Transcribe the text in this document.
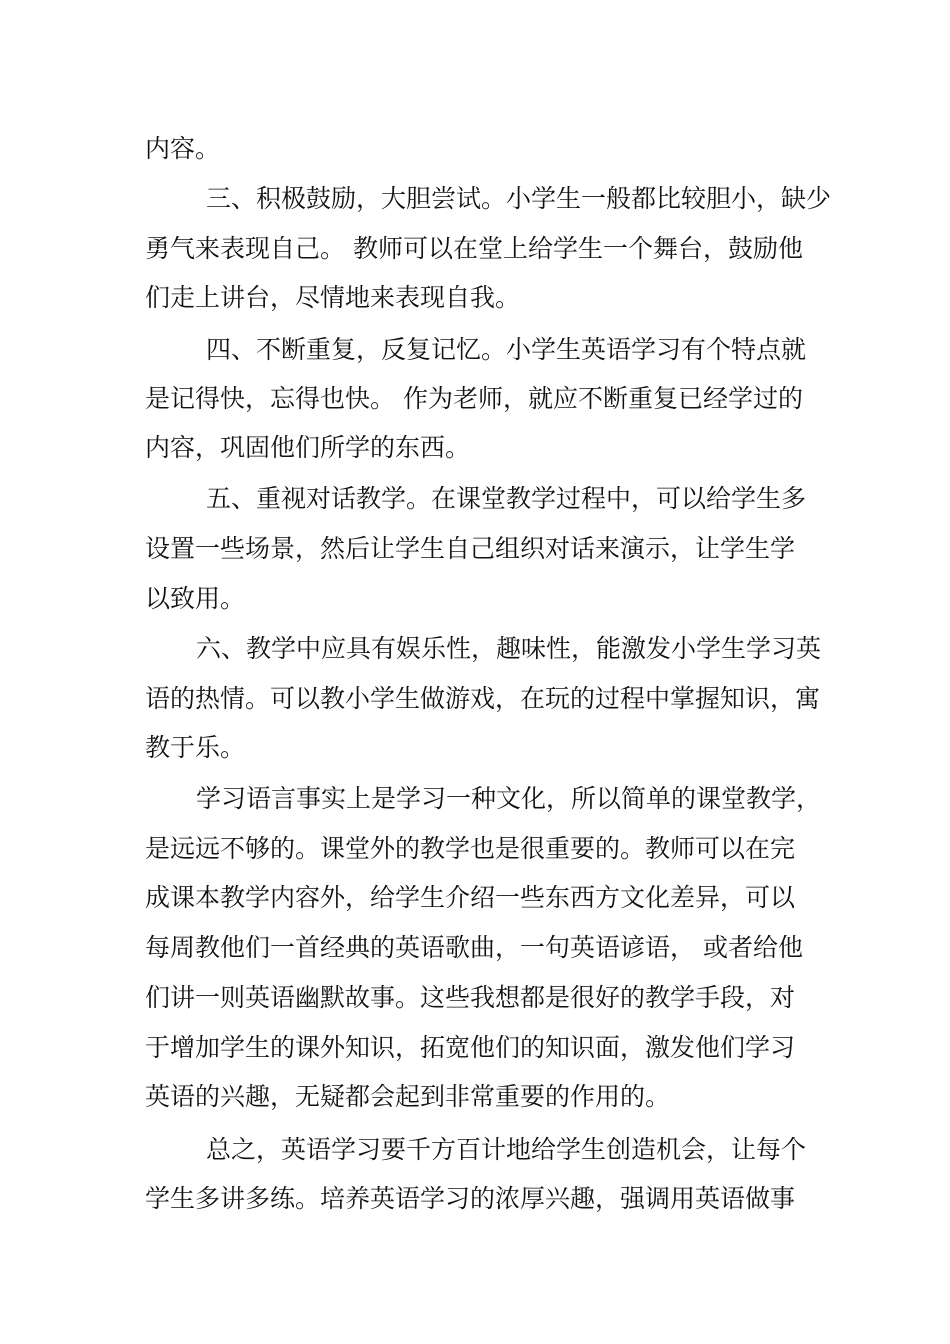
内容。
三、积极鼓励，大胆尝试。小学生一般都比较胆小，缺少
勇气来表现自己。 教师可以在堂上给学生一个舞台，鼓励他
们走上讲台，尽情地来表现自我。
四、不断重复，反复记忆。小学生英语学习有个特点就
是记得快，忘得也快。 作为老师，就应不断重复已经学过的
内容，巩固他们所学的东西。
五、重视对话教学。在课堂教学过程中，可以给学生多
设置一些场景，然后让学生自己组织对话来演示，让学生学
以致用。
六、教学中应具有娱乐性，趣味性，能激发小学生学习英
语的热情。可以教小学生做游戏，在玩的过程中掌握知识，寓
教于乐。
学习语言事实上是学习一种文化，所以简单的课堂教学，
是远远不够的。课堂外的教学也是很重要的。教师可以在完
成课本教学内容外，给学生介绍一些东西方文化差异，可以
每周教他们一首经典的英语歌曲，一句英语谚语， 或者给他
们讲一则英语幽默故事。这些我想都是很好的教学手段，对
于增加学生的课外知识，拓宽他们的知识面，激发他们学习
英语的兴趣，无疑都会起到非常重要的作用的。
总之，英语学习要千方百计地给学生创造机会，让每个
学生多讲多练。培养英语学习的浓厚兴趣，强调用英语做事
